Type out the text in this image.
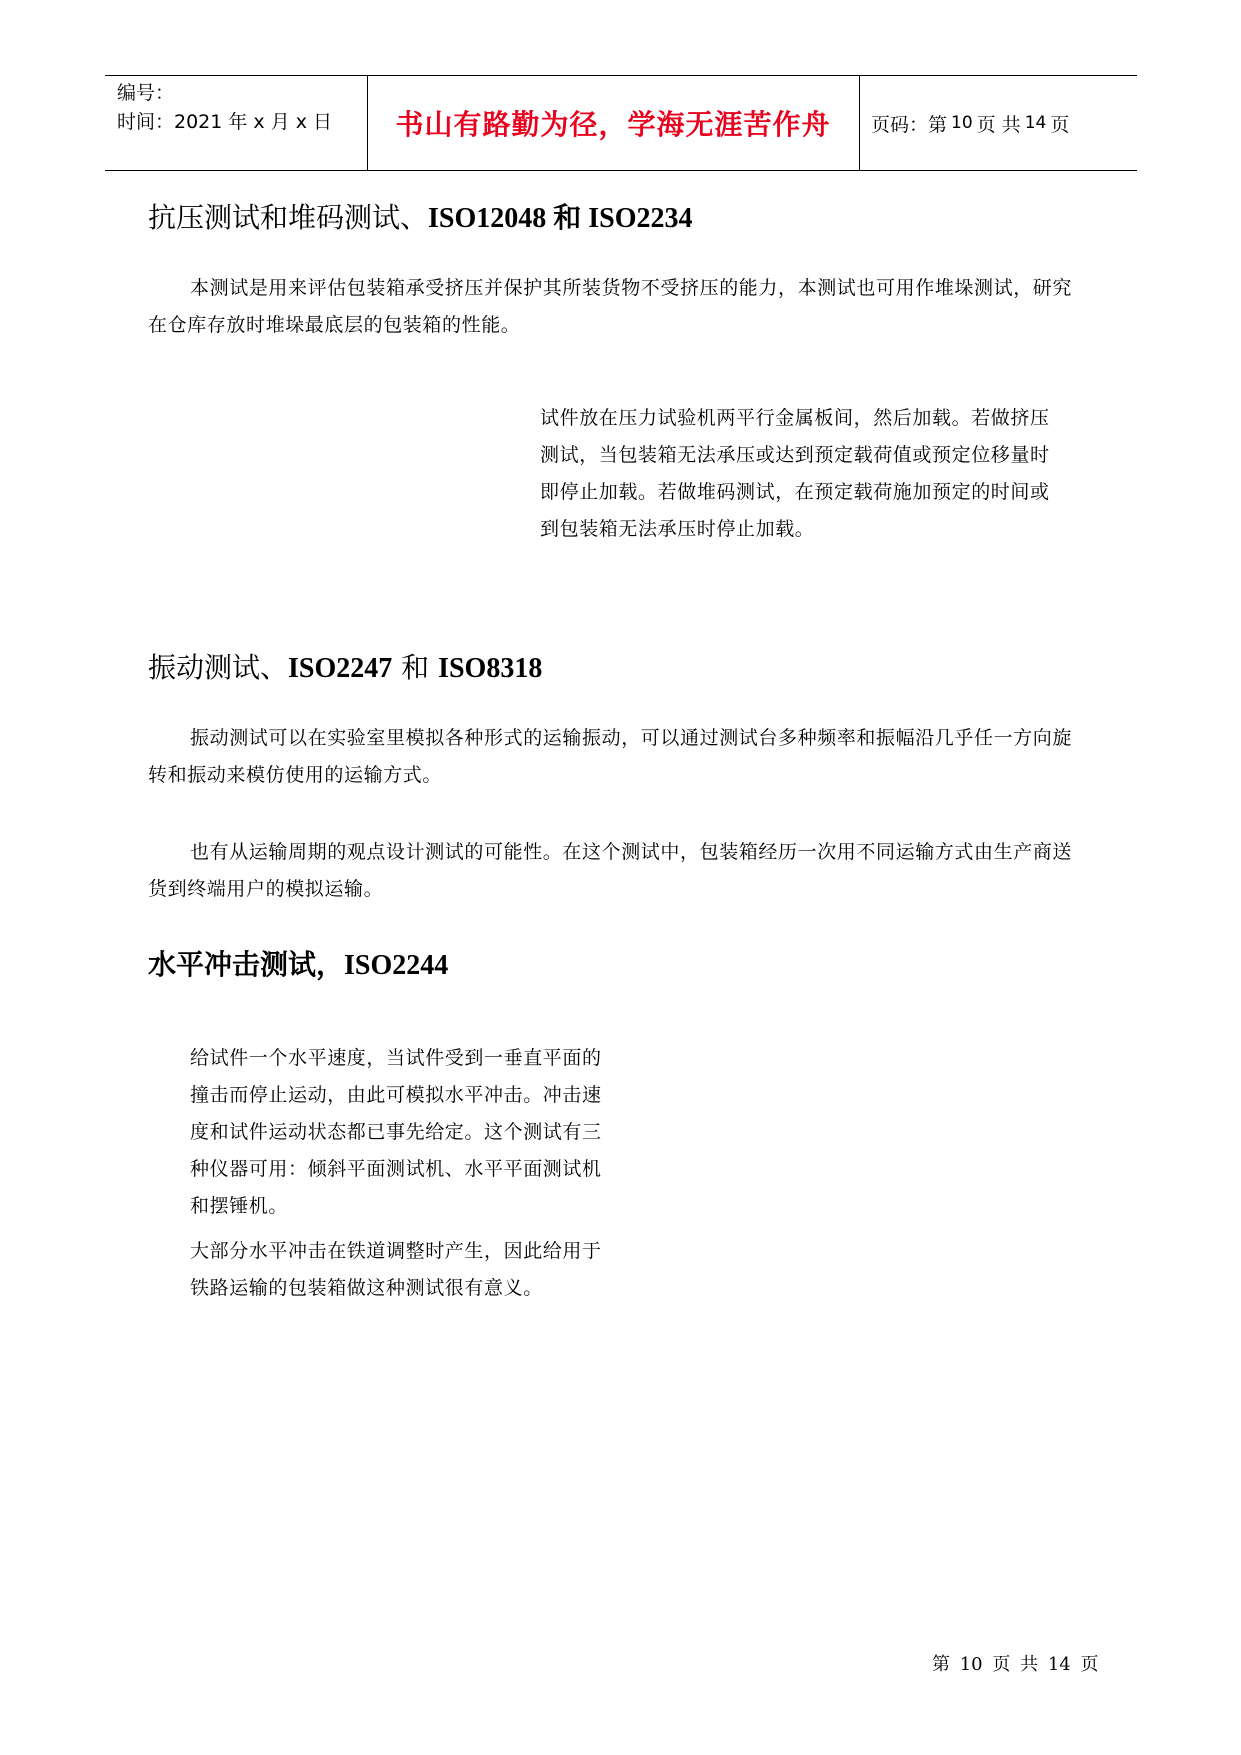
编号：
时间：2021 年 x 月 x 日	书山有路勤为径，学海无涯苦作舟	页码：第 10 页 共 14 页
抗压测试和堆码测试、ISO12048 和 ISO2234

本测试是用来评估包装箱承受挤压并保护其所装货物不受挤压的能力，本测试也可用作堆垛测试，研究在仓库存放时堆垛最底层的包装箱的性能。

试件放在压力试验机两平行金属板间，然后加载。若做挤压测试，当包装箱无法承压或达到预定载荷值或预定位移量时即停止加载。若做堆码测试，在预定载荷施加预定的时间或到包装箱无法承压时停止加载。

振动测试、ISO2247 和 ISO8318

振动测试可以在实验室里模拟各种形式的运输振动，可以通过测试台多种频率和振幅沿几乎任一方向旋转和振动来模仿使用的运输方式。

也有从运输周期的观点设计测试的可能性。在这个测试中，包装箱经历一次用不同运输方式由生产商送货到终端用户的模拟运输。

水平冲击测试，ISO2244

给试件一个水平速度，当试件受到一垂直平面的撞击而停止运动，由此可模拟水平冲击。冲击速度和试件运动状态都已事先给定。这个测试有三种仪器可用：倾斜平面测试机、水平平面测试机和摆锤机。

大部分水平冲击在铁道调整时产生，因此给用于铁路运输的包装箱做这种测试很有意义。

第 10 页 共 14 页
